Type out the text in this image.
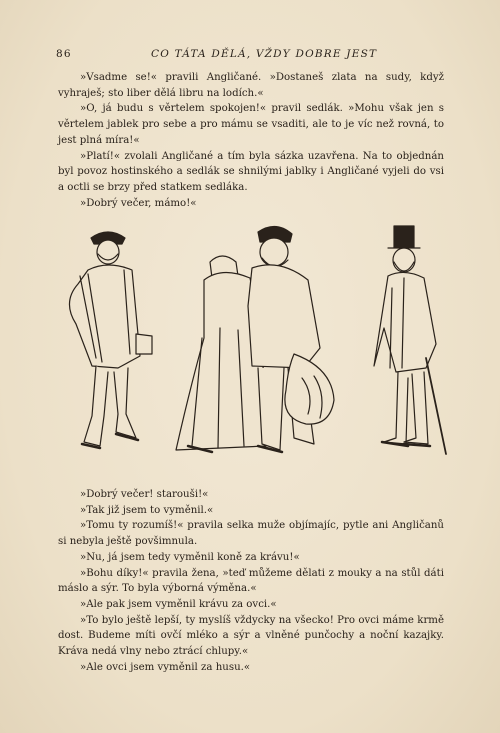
86	CO TÁTA DĚLÁ, VŽDY DOBRE JEST

»Vsadme se!« pravili Angličané. »Dostaneš zlata na sudy, když vyhraješ; sto liber dělá libru na lodích.«

»O, já budu s věrtelem spokojen!« pravil sedlák. »Mohu však jen s věrtelem jablek pro sebe a pro mámu se vsaditi, ale to je víc než rovná, to jest plná míra!«

»Platí!« zvolali Angličané a tím byla sázka uzavřena. Na to objednán byl povoz hostinského a sedlák se shnilými jablky i Angličané vyjeli do vsi a octli se brzy před statkem sedláka.

»Dobrý večer, mámo!«

»Dobrý večer! starouši!«

»Tak již jsem to vyměnil.«

»Tomu ty rozumíš!« pravila selka muže objímajíc, pytle ani Angličanů si nebyla ještě povšimnula.

»Nu, já jsem tedy vyměnil koně za krávu!«

»Bohu díky!« pravila žena, »teď můžeme dělati z mouky a na stůl dáti máslo a sýr. To byla výborná výměna.«

»Ale pak jsem vyměnil krávu za ovci.«

»To bylo ještě lepší, ty myslíš vždycky na všecko! Pro ovci máme krmě dost. Budeme míti ovčí mléko a sýr a vlněné punčochy a noční kazajky. Kráva nedá vlny nebo ztrácí chlupy.«

»Ale ovci jsem vyměnil za husu.«
